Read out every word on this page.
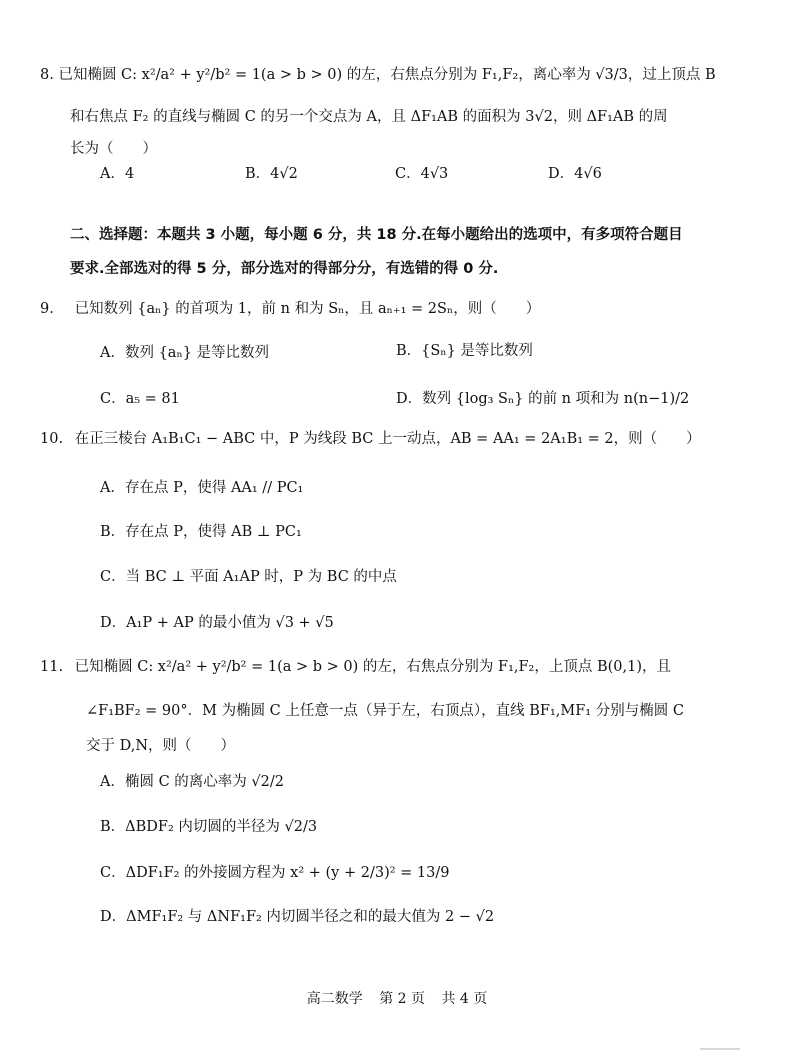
8. 已知椭圆 C: x²/a² + y²/b² = 1(a > b > 0) 的左，右焦点分别为 F₁,F₂，离心率为 √3/3，过上顶点 B
和右焦点 F₂ 的直线与椭圆 C 的另一个交点为 A，且 ΔF₁AB 的面积为 3√2，则 ΔF₁AB 的周
长为（　　）
A．4	B．4√2	C．4√3	D．4√6
二、选择题：本题共 3 小题，每小题 6 分，共 18 分.在每小题给出的选项中，有多项符合题目
要求.全部选对的得 5 分，部分选对的得部分分，有选错的得 0 分.
9. 已知数列 {aₙ} 的首项为 1，前 n 和为 Sₙ，且 aₙ₊₁ = 2Sₙ，则（　　）
A．数列 {aₙ} 是等比数列	B．{Sₙ} 是等比数列
C．a₅ = 81	D．数列 {log₃ Sₙ} 的前 n 项和为 n(n−1)/2
10. 在正三棱台 A₁B₁C₁ − ABC 中，P 为线段 BC 上一动点，AB = AA₁ = 2A₁B₁ = 2，则（　　）
A．存在点 P，使得 AA₁ // PC₁
B．存在点 P，使得 AB ⊥ PC₁
C．当 BC ⊥ 平面 A₁AP 时，P 为 BC 的中点
D．A₁P + AP 的最小值为 √3 + √5
11. 已知椭圆 C: x²/a² + y²/b² = 1(a > b > 0) 的左，右焦点分别为 F₁,F₂，上顶点 B(0,1)，且
∠F₁BF₂ = 90°．M 为椭圆 C 上任意一点（异于左，右顶点），直线 BF₁,MF₁ 分别与椭圆 C
交于 D,N，则（　　）
A．椭圆 C 的离心率为 √2/2
B．ΔBDF₂ 内切圆的半径为 √2/3
C．ΔDF₁F₂ 的外接圆方程为 x² + (y + 2/3)² = 13/9
D．ΔMF₁F₂ 与 ΔNF₁F₂ 内切圆半径之和的最大值为 2 − √2
高二数学 第 2 页 共 4 页
